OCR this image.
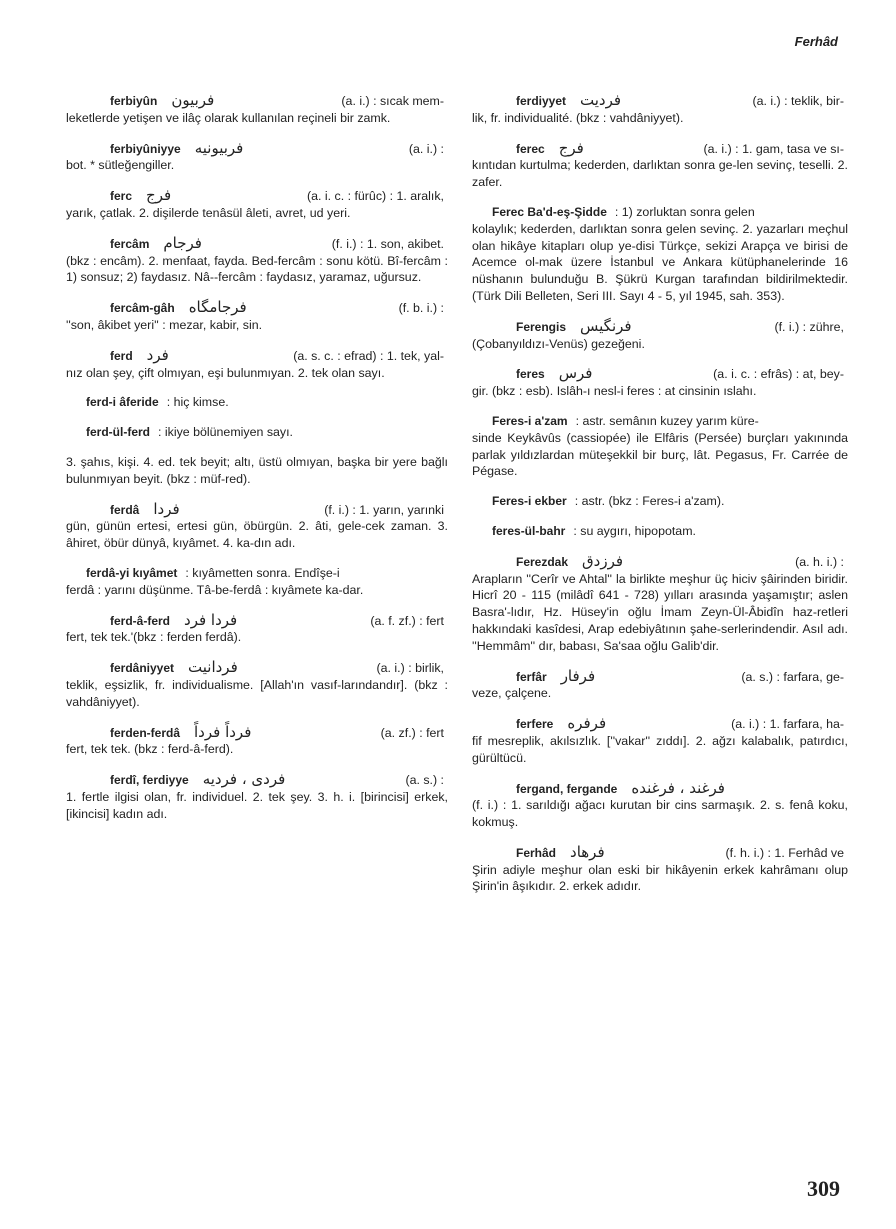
Ferhâd
ferbiyûn فربيون	(a. i.) : sıcak mem-
leketlerde yetişen ve ilâç olarak kullanılan reçineli bir zamk.
ferbiyûniyye فربيونيه	(a. i.) :
bot. * sütleğengiller.
ferc فرج	(a. i. c. : fürûc) : 1. aralık,
yarık, çatlak. 2. dişilerde tenâsül âleti, avret, ud yeri.
fercâm فرجام	(f. i.) : 1. son, akibet.
(bkz : encâm). 2. menfaat, fayda. Bed-fercâm : sonu kötü. Bî-fercâm : 1) sonsuz; 2) faydasız. Nâ--fercâm : faydasız, yaramaz, uğursuz.
fercâm-gâh فرجامگاه	(f. b. i.) :
''son, âkibet yeri'' : mezar, kabir, sin.
ferd فرد	(a. s. c. : efrad) : 1. tek, yal-
nız olan şey, çift olmıyan, eşi bulunmıyan. 2. tek olan sayı.
ferd-i âferide : hiç kimse.
ferd-ül-ferd : ikiye bölünemiyen sayı.
3. şahıs, kişi. 4. ed. tek beyit; altı, üstü olmıyan, başka bir yere bağlı bulunmıyan beyit. (bkz : müf-red).
ferdâ فردا	(f. i.) : 1. yarın, yarınki
gün, günün ertesi, ertesi gün, öbürgün. 2. âti, gele-cek zaman. 3. âhiret, öbür dünyâ, kıyâmet. 4. ka-dın adı.
ferdâ-yi kıyâmet : kıyâmetten sonra. Endîşe-i
ferdâ : yarını düşünme. Tâ-be-ferdâ : kıyâmete ka-dar.
ferd-â-ferd فردا فرد	(a. f. zf.) : fert
fert, tek tek.'(bkz : ferden ferdâ).
ferdâniyyet فردانيت	(a. i.) : birlik,
teklik, eşsizlik, fr. individualisme. [Allah'ın vasıf-larındandır]. (bkz : vahdâniyyet).
ferden-ferdâ فرداً فرداً	(a. zf.) : fert
fert, tek tek. (bkz : ferd-â-ferd).
ferdî, ferdiyye فردى ، فرديه	(a. s.) :
1. fertle ilgisi olan, fr. individuel. 2. tek şey. 3. h. i. [birincisi] erkek, [ikincisi] kadın adı.
ferdiyyet فرديت	(a. i.) : teklik, bir-
lik, fr. individualité. (bkz : vahdâniyyet).
ferec فرج	(a. i.) : 1. gam, tasa ve sı-
kıntıdan kurtulma; kederden, darlıktan sonra ge-len sevinç, teselli. 2. zafer.
Ferec Ba'd-eş-Şidde : 1) zorluktan sonra gelen
kolaylık; kederden, darlıktan sonra gelen sevinç. 2. yazarları meçhul olan hikâye kitapları olup ye-disi Türkçe, sekizi Arapça ve birisi de Acemce ol-mak üzere İstanbul ve Ankara kütüphanelerinde 16 nüshanın bulunduğu B. Şükrü Kurgan tarafından bildirilmektedir. (Türk Dili Belleten, Seri III. Sayı 4 - 5, yıl 1945, sah. 353).
Ferengis فرنگيس	(f. i.) : zühre,
(Çobanyıldızı-Venüs) gezeğeni.
feres فرس	(a. i. c. : efrâs) : at, bey-
gir. (bkz : esb). Islâh-ı nesl-i feres : at cinsinin ıslahı.
Feres-i a'zam : astr. semânın kuzey yarım küre-
sinde Keykâvûs (cassiopée) ile Elfâris (Persée) burçları yakınında parlak yıldızlardan müteşekkil bir burç, lât. Pegasus, Fr. Carrée de Pégase.
Feres-i ekber : astr. (bkz : Feres-i a'zam).
feres-ül-bahr : su aygırı, hipopotam.
Ferezdak فرزدق	(a. h. i.) :
Arapların ''Cerîr ve Ahtal'' la birlikte meşhur üç hiciv şâirinden biridir. Hicrî 20 - 115 (milâdî 641 - 728) yılları arasında yaşamıştır; aslen Basra'-lıdır, Hz. Hüsey'in oğlu İmam Zeyn-Ül-Âbidîn haz-retleri hakkındaki kasîdesi, Arap edebiyâtının şahe-serlerindendir. Asıl adı. ''Hemmâm'' dır, babası, Sa'saa oğlu Galib'dir.
ferfâr فرفار	(a. s.) : farfara, ge-
veze, çalçene.
ferfere فرفره	(a. i.) : 1. farfara, ha-
fif mesreplik, akılsızlık. [''vakar'' zıddı]. 2. ağzı kalabalık, patırdıcı, gürültücü.
fergand, fergande فرغند ، فرغنده
(f. i.) : 1. sarıldığı ağacı kurutan bir cins sarmaşık. 2. s. fenâ koku, kokmuş.
Ferhâd فرهاد	(f. h. i.) : 1. Ferhâd ve
Şirin adiyle meşhur olan eski bir hikâyenin erkek kahrâmanı olup Şirin'in âşıkıdır. 2. erkek adıdır.
309
